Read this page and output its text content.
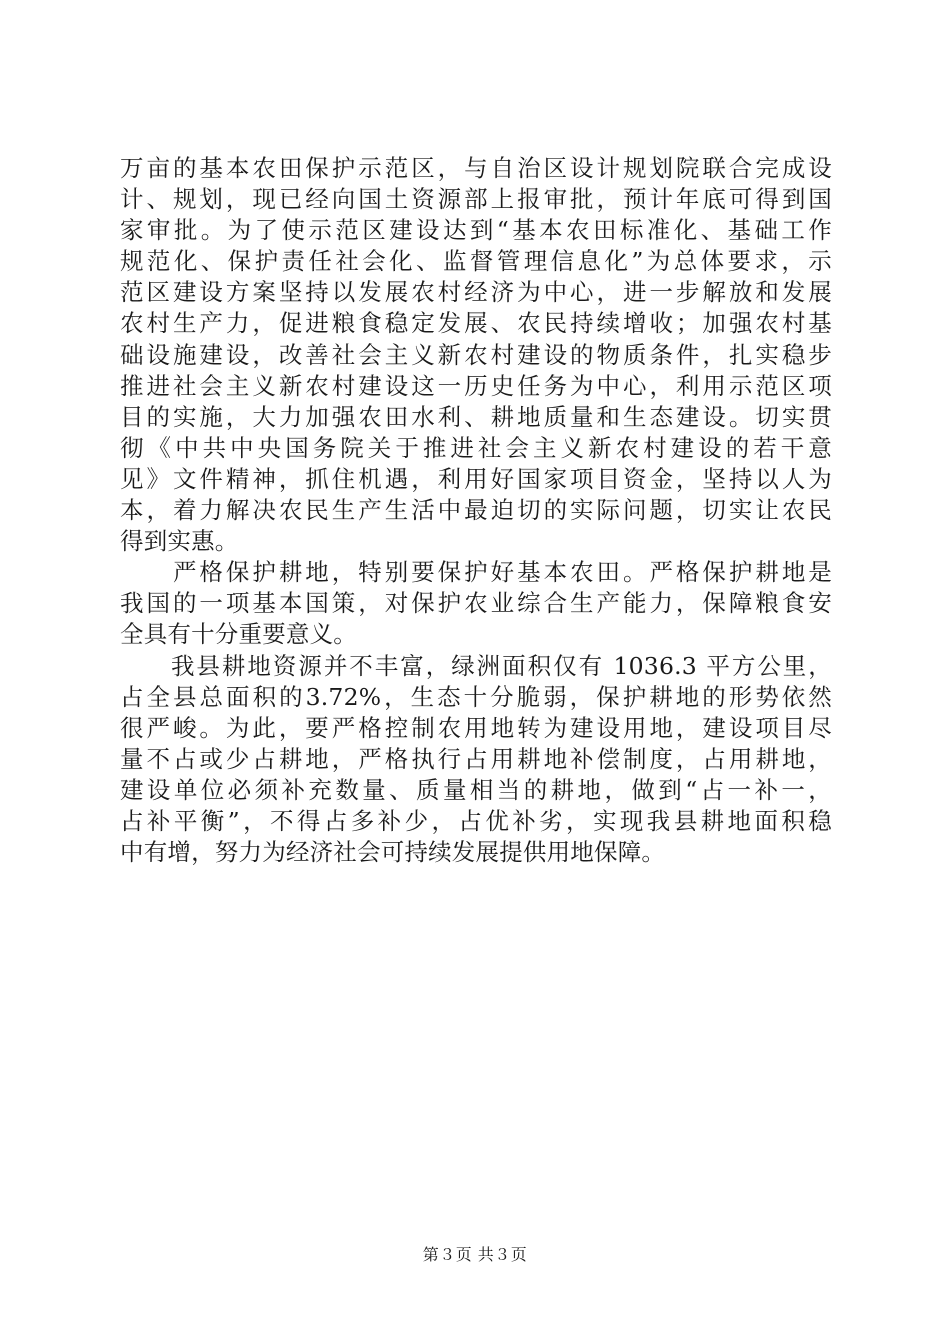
万亩的基本农田保护示范区，与自治区设计规划院联合完成设
计、规划，现已经向国土资源部上报审批，预计年底可得到国
家审批。为了使示范区建设达到“基本农田标准化、基础工作
规范化、保护责任社会化、监督管理信息化”为总体要求，示
范区建设方案坚持以发展农村经济为中心，进一步解放和发展
农村生产力，促进粮食稳定发展、农民持续增收；加强农村基
础设施建设，改善社会主义新农村建设的物质条件，扎实稳步
推进社会主义新农村建设这一历史任务为中心，利用示范区项
目的实施，大力加强农田水利、耕地质量和生态建设。切实贯
彻《中共中央国务院关于推进社会主义新农村建设的若干意
见》文件精神，抓住机遇，利用好国家项目资金，坚持以人为
本，着力解决农民生产生活中最迫切的实际问题，切实让农民
得到实惠。
　　严格保护耕地，特别要保护好基本农田。严格保护耕地是
我国的一项基本国策，对保护农业综合生产能力，保障粮食安
全具有十分重要意义。
　　我县耕地资源并不丰富，绿洲面积仅有 1036.3 平方公里，
占全县总面积的3.72%，生态十分脆弱，保护耕地的形势依然
很严峻。为此，要严格控制农用地转为建设用地，建设项目尽
量不占或少占耕地，严格执行占用耕地补偿制度，占用耕地，
建设单位必须补充数量、质量相当的耕地，做到“占一补一，
占补平衡”，不得占多补少，占优补劣，实现我县耕地面积稳
中有增，努力为经济社会可持续发展提供用地保障。
第３页 共３页
